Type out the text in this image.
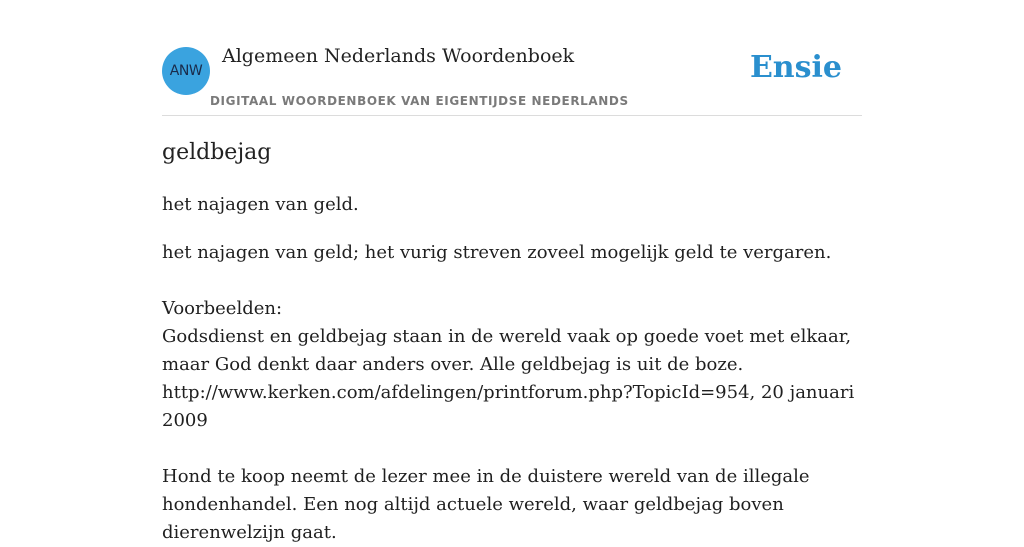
ANW
Algemeen Nederlands Woordenboek
DIGITAAL WOORDENBOEK VAN EIGENTIJDSE NEDERLANDS
Ensie
geldbejag
het najagen van geld.

het najagen van geld; het vurig streven zoveel mogelijk geld te vergaren.

Voorbeelden:

Godsdienst en geldbejag staan in de wereld vaak op goede voet met elkaar, maar God denkt daar anders over. Alle geldbejag is uit de boze.

http://www.kerken.com/afdelingen/printforum.php?TopicId=954, 20 januari 2009

Hond te koop neemt de lezer mee in de duistere wereld van de illegale hondenhandel. Een nog altijd actuele wereld, waar geldbejag boven dierenwelzijn gaat.
